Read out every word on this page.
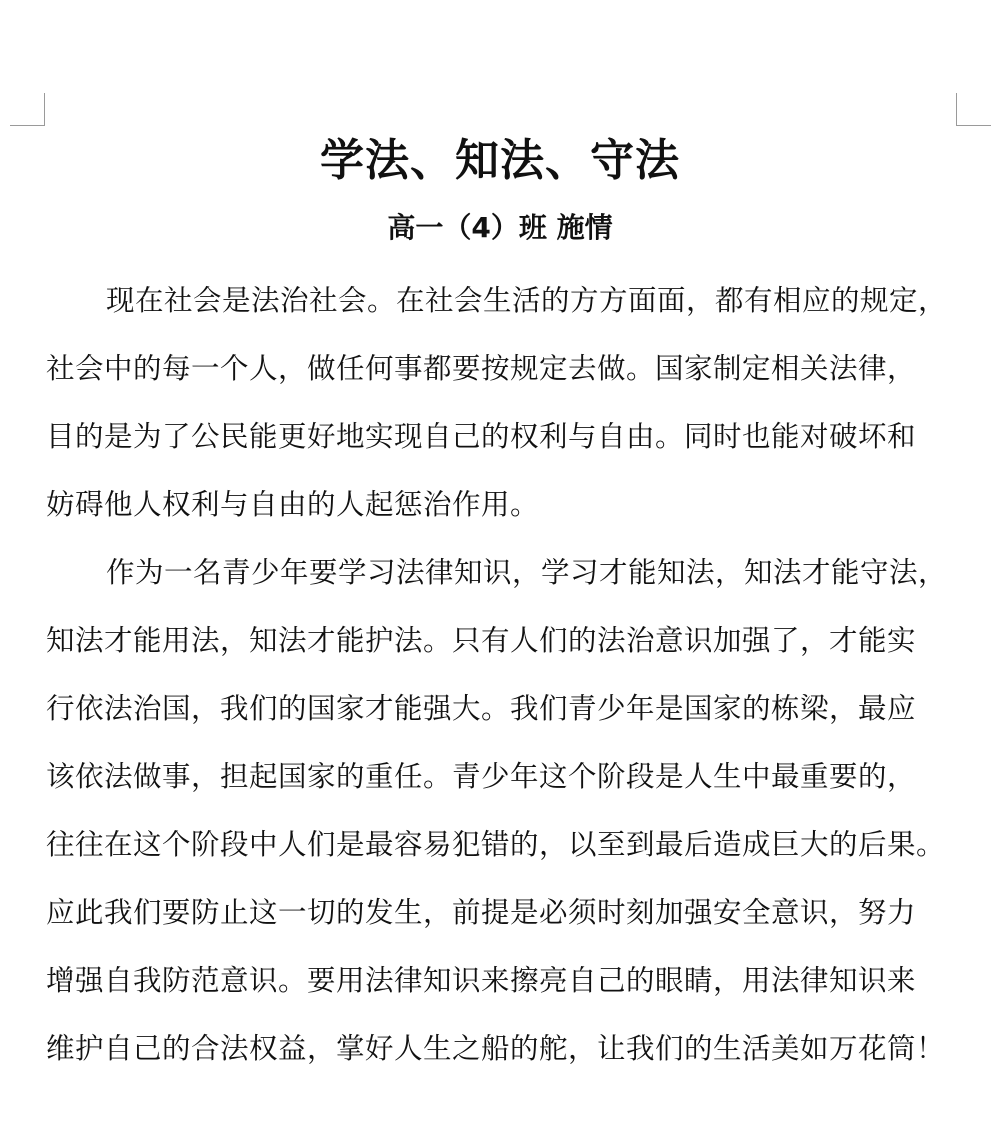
学法、知法、守法
高一（4）班 施情
现在社会是法治社会。在社会生活的方方面面，都有相应的规定，
社会中的每一个人，做任何事都要按规定去做。国家制定相关法律，
目的是为了公民能更好地实现自己的权利与自由。同时也能对破坏和
妨碍他人权利与自由的人起惩治作用。
作为一名青少年要学习法律知识，学习才能知法，知法才能守法，
知法才能用法，知法才能护法。只有人们的法治意识加强了，才能实
行依法治国，我们的国家才能强大。我们青少年是国家的栋梁，最应
该依法做事，担起国家的重任。青少年这个阶段是人生中最重要的，
往往在这个阶段中人们是最容易犯错的，以至到最后造成巨大的后果。
应此我们要防止这一切的发生，前提是必须时刻加强安全意识，努力
增强自我防范意识。要用法律知识来擦亮自己的眼睛，用法律知识来
维护自己的合法权益，掌好人生之船的舵，让我们的生活美如万花筒！
